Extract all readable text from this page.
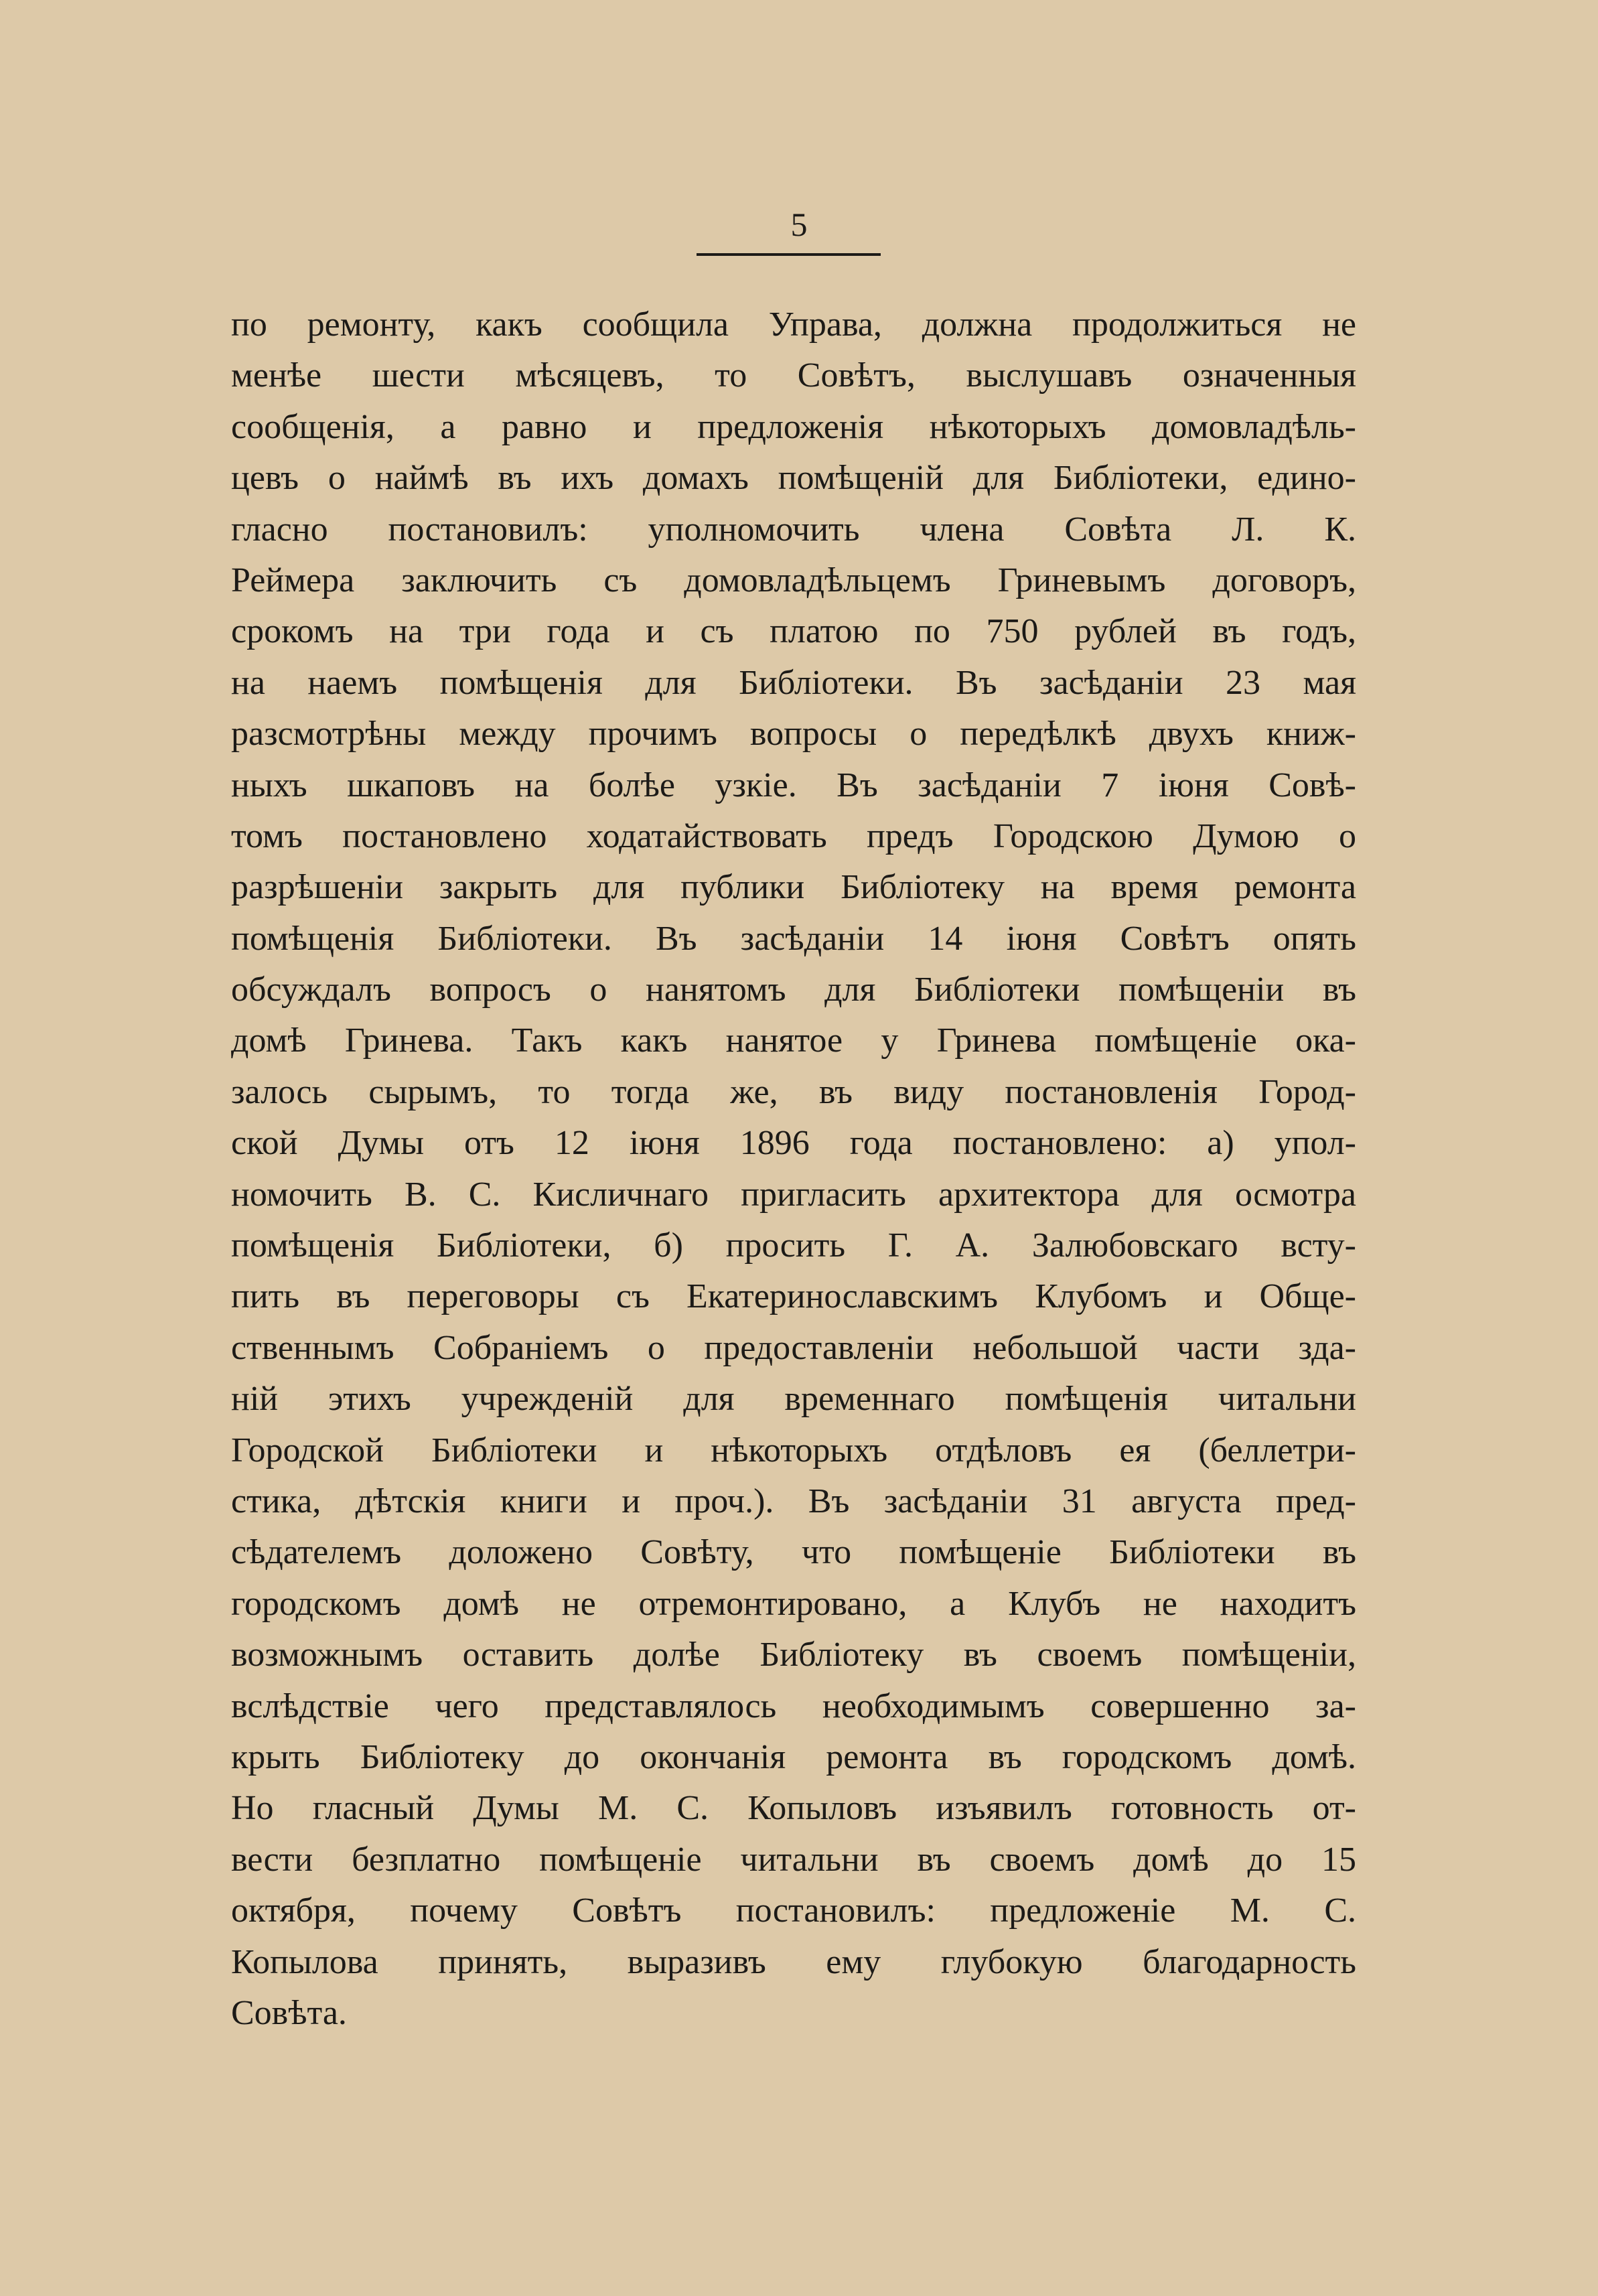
5
по ремонту, какъ сообщила Управа, должна продолжиться не
менѣе шести мѣсяцевъ, то Совѣтъ, выслушавъ означенныя
сообщенія, а равно и предложенія нѣкоторыхъ домовладѣль-
цевъ о наймѣ въ ихъ домахъ помѣщеній для Библіотеки, едино-
гласно постановилъ: уполномочить члена Совѣта Л. К.
Реймера заключить съ домовладѣльцемъ Гриневымъ договоръ,
срокомъ на три года и съ платою по 750 рублей въ годъ,
на наемъ помѣщенія для Библіотеки. Въ засѣданіи 23 мая
разсмотрѣны между прочимъ вопросы о передѣлкѣ двухъ книж-
ныхъ шкаповъ на болѣе узкіе. Въ засѣданіи 7 іюня Совѣ-
томъ постановлено ходатайствовать предъ Городскою Думою о
разрѣшеніи закрыть для публики Библіотеку на время ремонта
помѣщенія Библіотеки. Въ засѣданіи 14 іюня Совѣтъ опять
обсуждалъ вопросъ о нанятомъ для Библіотеки помѣщеніи въ
домѣ Гринева. Такъ какъ нанятое у Гринева помѣщеніе ока-
залось сырымъ, то тогда же, въ виду постановленія Город-
ской Думы отъ 12 іюня 1896 года постановлено: а) упол-
номочить В. С. Кисличнаго пригласить архитектора для осмотра
помѣщенія Библіотеки, б) просить Г. А. Залюбовскаго всту-
пить въ переговоры съ Екатеринославскимъ Клубомъ и Обще-
ственнымъ Собраніемъ о предоставленіи небольшой части зда-
ній этихъ учрежденій для временнаго помѣщенія читальни
Городской Библіотеки и нѣкоторыхъ отдѣловъ ея (беллетри-
стика, дѣтскія книги и проч.). Въ засѣданіи 31 августа пред-
сѣдателемъ доложено Совѣту, что помѣщеніе Библіотеки въ
городскомъ домѣ не отремонтировано, а Клубъ не находитъ
возможнымъ оставить долѣе Библіотеку въ своемъ помѣщеніи,
вслѣдствіе чего представлялось необходимымъ совершенно за-
крыть Библіотеку до окончанія ремонта въ городскомъ домѣ.
Но гласный Думы М. С. Копыловъ изъявилъ готовность от-
вести безплатно помѣщеніе читальни въ своемъ домѣ до 15
октября, почему Совѣтъ постановилъ: предложеніе М. С.
Копылова принять, выразивъ ему глубокую благодарность
Совѣта.
